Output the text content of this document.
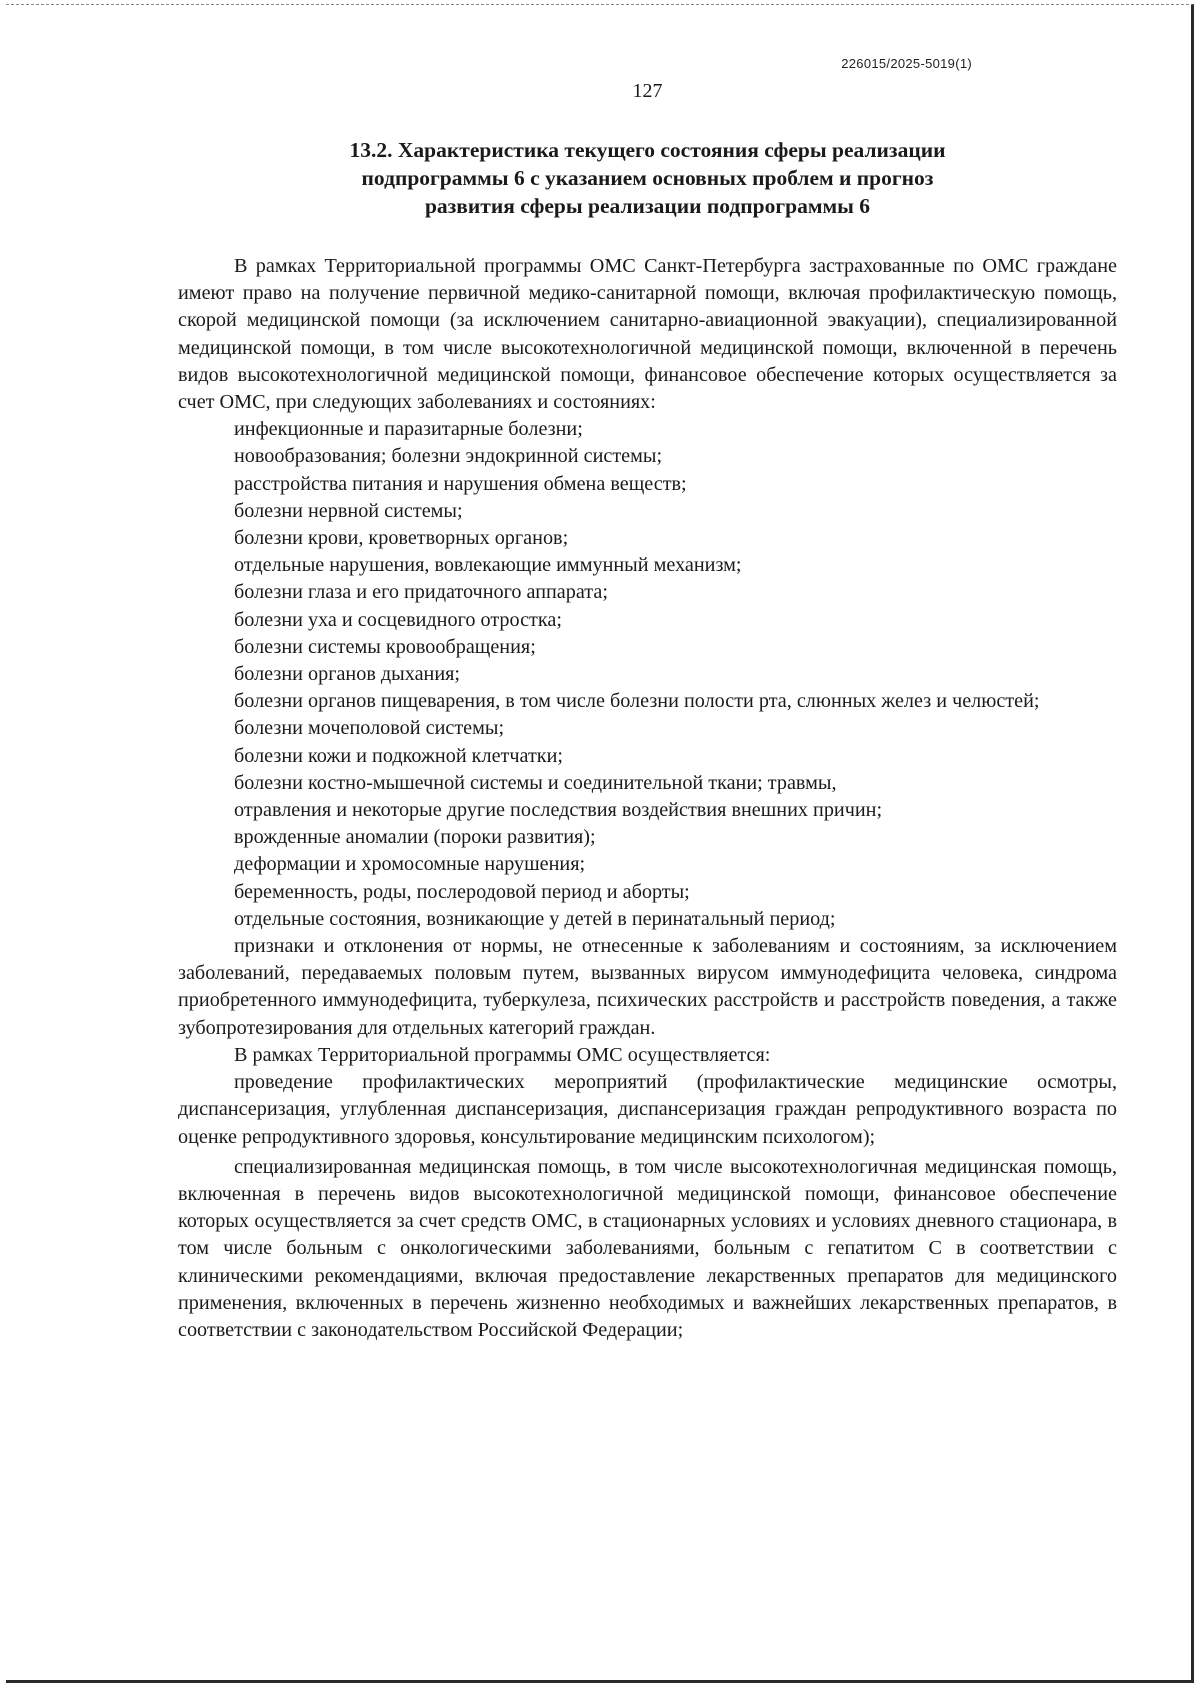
226015/2025-5019(1)
127
13.2. Характеристика текущего состояния сферы реализации
подпрограммы 6 с указанием основных проблем и прогноз
развития сферы реализации подпрограммы 6

В рамках Территориальной программы ОМС Санкт-Петербурга застрахованные по ОМС граждане имеют право на получение первичной медико-санитарной помощи, включая профилактическую помощь, скорой медицинской помощи (за исключением санитарно-авиационной эвакуации), специализированной медицинской помощи, в том числе высокотехнологичной медицинской помощи, включенной в перечень видов высокотехнологичной медицинской помощи, финансовое обеспечение которых осуществляется за счет ОМС, при следующих заболеваниях и состояниях:

инфекционные и паразитарные болезни;

новообразования; болезни эндокринной системы;

расстройства питания и нарушения обмена веществ;

болезни нервной системы;

болезни крови, кроветворных органов;

отдельные нарушения, вовлекающие иммунный механизм;

болезни глаза и его придаточного аппарата;

болезни уха и сосцевидного отростка;

болезни системы кровообращения;

болезни органов дыхания;

болезни органов пищеварения, в том числе болезни полости рта, слюнных желез и челюстей;

болезни мочеполовой системы;

болезни кожи и подкожной клетчатки;

болезни костно-мышечной системы и соединительной ткани; травмы,

отравления и некоторые другие последствия воздействия внешних причин;

врожденные аномалии (пороки развития);

деформации и хромосомные нарушения;

беременность, роды, послеродовой период и аборты;

отдельные состояния, возникающие у детей в перинатальный период;

признаки и отклонения от нормы, не отнесенные к заболеваниям и состояниям, за исключением заболеваний, передаваемых половым путем, вызванных вирусом иммунодефицита человека, синдрома приобретенного иммунодефицита, туберкулеза, психических расстройств и расстройств поведения, а также зубопротезирования для отдельных категорий граждан.

В рамках Территориальной программы ОМС осуществляется:

проведение профилактических мероприятий (профилактические медицинские осмотры, диспансеризация, углубленная диспансеризация, диспансеризация граждан репродуктивного возраста по оценке репродуктивного здоровья, консультирование медицинским психологом);

специализированная медицинская помощь, в том числе высокотехнологичная медицинская помощь, включенная в перечень видов высокотехнологичной медицинской помощи, финансовое обеспечение которых осуществляется за счет средств ОМС, в стационарных условиях и условиях дневного стационара, в том числе больным с онкологическими заболеваниями, больным с гепатитом С в соответствии с клиническими рекомендациями, включая предоставление лекарственных препаратов для медицинского применения, включенных в перечень жизненно необходимых и важнейших лекарственных препаратов, в соответствии с законодательством Российской Федерации;
